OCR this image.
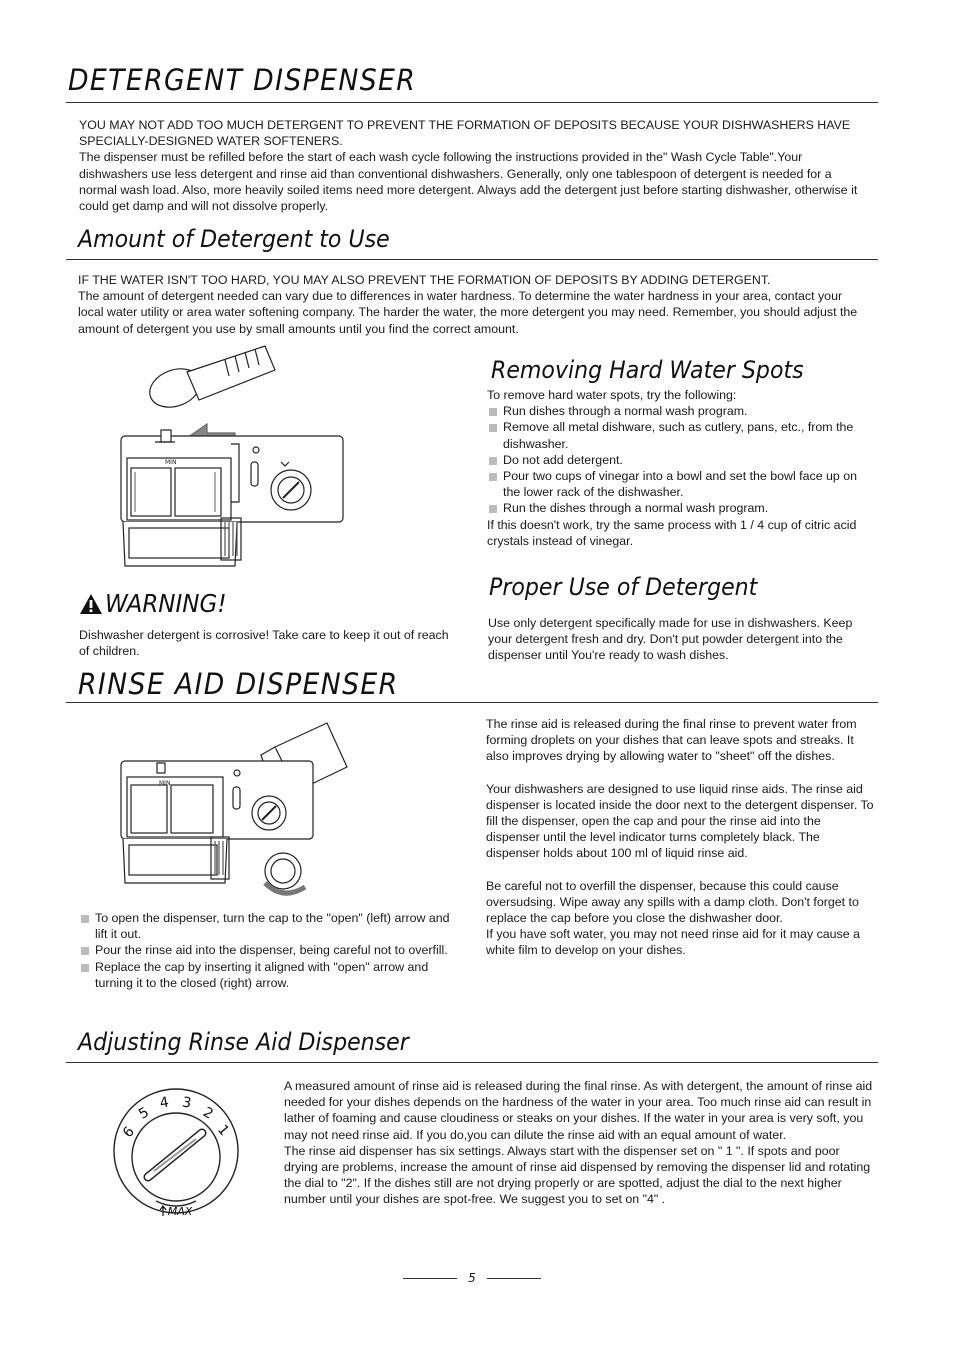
DETERGENT DISPENSER

YOU MAY NOT ADD TOO MUCH DETERGENT TO PREVENT THE FORMATION OF DEPOSITS BECAUSE YOUR DISHWASHERS HAVE SPECIALLY-DESIGNED WATER SOFTENERS.

The dispenser must be refilled before the start of each wash cycle following the instructions provided in the" Wash Cycle Table".Your dishwashers use less detergent and rinse aid than conventional dishwashers. Generally, only one tablespoon of detergent is needed for a normal wash load. Also, more heavily soiled items need more detergent. Always add the detergent just before starting dishwasher, otherwise it could get damp and will not dissolve properly.

Amount of Detergent to Use

IF THE WATER ISN'T TOO HARD, YOU MAY ALSO PREVENT THE FORMATION OF DEPOSITS BY ADDING DETERGENT.

The amount of detergent needed can vary due to differences in water hardness. To determine the water hardness in your area, contact your local water utility or area water softening company. The harder the water, the more detergent you may need. Remember, you should adjust the amount of detergent you use by small amounts until you find the correct amount.

MIN
Removing Hard Water Spots

To remove hard water spots, try the following:

Run dishes through a normal wash program.
Remove all metal dishware, such as cutlery, pans, etc., from the dishwasher.
Do not add detergent.
Pour two cups of vinegar into a bowl and set the bowl face up on the lower rack of the dishwasher.
Run the dishes through a normal wash program.

If this doesn't work, try the same process with 1 / 4 cup of citric acid crystals instead of vinegar.

WARNING!
Dishwasher detergent is corrosive! Take care to keep it out of reach of children.
Proper Use of Detergent
Use only detergent specifically made for use in dishwashers. Keep your detergent fresh and dry. Don't put powder detergent into the dispenser until You're ready to wash dishes.
RINSE AID DISPENSER
MIN
To open the dispenser, turn the cap to the "open" (left) arrow and lift it out.
Pour the rinse aid into the dispenser, being careful not to overfill.
Replace the cap by inserting it aligned with "open" arrow and turning it to the closed (right) arrow.

The rinse aid is released during the final rinse to prevent water from forming droplets on your dishes that can leave spots and streaks. It also improves drying by allowing water to "sheet" off the dishes.

Your dishwashers are designed to use liquid rinse aids. The rinse aid dispenser is located inside the door next to the detergent dispenser. To fill the dispenser, open the cap and pour the rinse aid into the dispenser until the level indicator turns completely black. The dispenser holds about 100 ml of liquid rinse aid.

Be careful not to overfill the dispenser, because this could cause oversudsing. Wipe away any spills with a damp cloth. Don't forget to replace the cap before you close the dishwasher door.

If you have soft water, you may not need rinse aid for it may cause a white film to develop on your dishes.

Adjusting Rinse Aid Dispenser
6
5
4 3
2
1
MAX

A measured amount of rinse aid is released during the final rinse. As with detergent, the amount of rinse aid needed for your dishes depends on the hardness of the water in your area. Too much rinse aid can result in lather of foaming and cause cloudiness or steaks on your dishes. If the water in your area is very soft, you may not need rinse aid. If you do,you can dilute the rinse aid with an equal amount of water.

The rinse aid dispenser has six settings. Always start with the dispenser set on " 1 ". If spots and poor drying are problems, increase the amount of rinse aid dispensed by removing the dispenser lid and rotating the dial to "2". If the dishes still are not drying properly or are spotted, adjust the dial to the next higher number until your dishes are spot-free. We suggest you to set on "4" .

5
